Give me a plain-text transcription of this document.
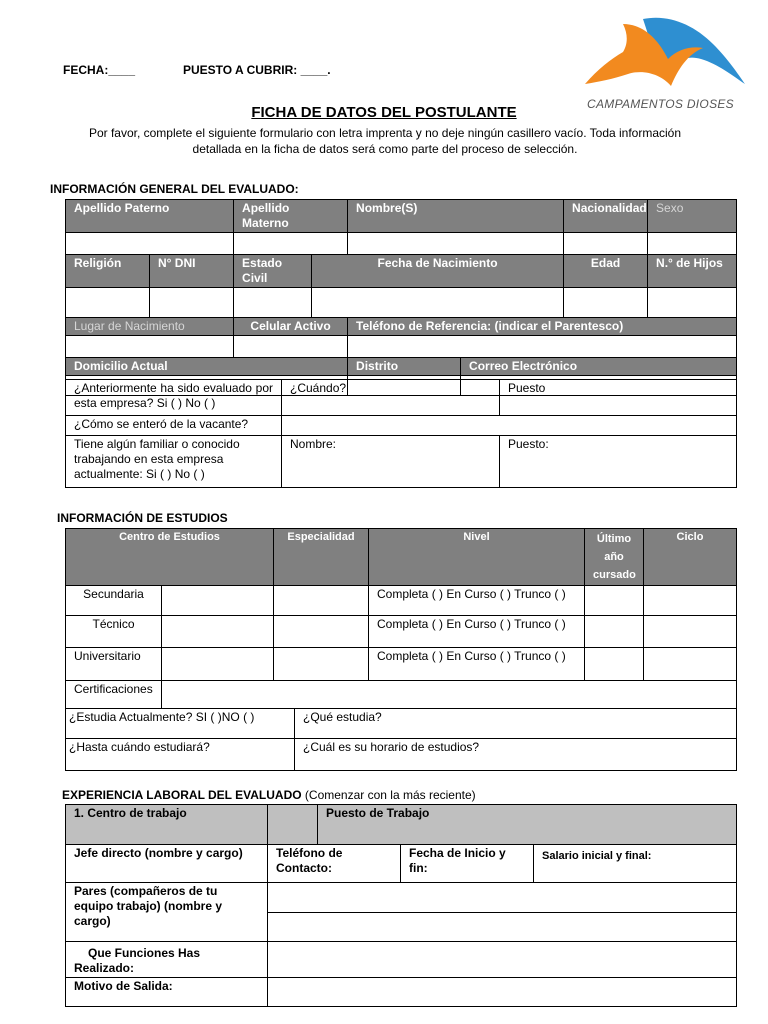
FECHA:____	PUESTO A CUBRIR: ____.
CAMPAMENTOS DIOSES
FICHA DE DATOS DEL POSTULANTE
Por favor, complete el siguiente formulario con letra imprenta y no deje ningún casillero vacío. Toda información
detallada en la ficha de datos será como parte del proceso de selección.
INFORMACIÓN GENERAL DEL EVALUADO:
Apellido Paterno		Apellido Materno		Nombre(S)		Nacionalidad	Sexo

Religión	N° DNI	Estado Civil	Fecha de Nacimiento			Edad	N.° de Hijos

Lugar de Nacimiento		Celular Activo		Teléfono de Referencia: (indicar el Parentesco)			

Domicilio Actual				Distrito	Correo Electrónico		

¿Anteriormente ha sido evaluado por esta empresa? Si ( ) No ( )	¿Cuándo?	Puesto
¿Cómo se enteró de la vacante?		
Tiene algún familiar o conocido trabajando en esta empresa actualmente: Si ( ) No ( )	Nombre:	Puesto:
INFORMACIÓN DE ESTUDIOS
Centro de Estudios		Especialidad	Nivel	Último año cursado	Ciclo
Secundaria			Completa ( ) En Curso ( ) Trunco ( )		
Técnico			Completa ( ) En Curso ( ) Trunco ( )		
Universitario			Completa ( ) En Curso ( ) Trunco ( )		
Certificaciones					
¿Estudia Actualmente? SI ( )NO ( )	¿Qué estudia?
¿Hasta cuándo estudiará?	¿Cuál es su horario de estudios?
EXPERIENCIA LABORAL DEL EVALUADO (Comenzar con la más reciente)
1. Centro de trabajo		Puesto de Trabajo		
Jefe directo (nombre y cargo)	Teléfono de Contacto:		Fecha de Inicio y fin:	Salario inicial y final:
Pares (compañeros de tu equipo trabajo) (nombre y cargo)				

Que Funciones Has Realizado:				
Motivo de Salida:				
